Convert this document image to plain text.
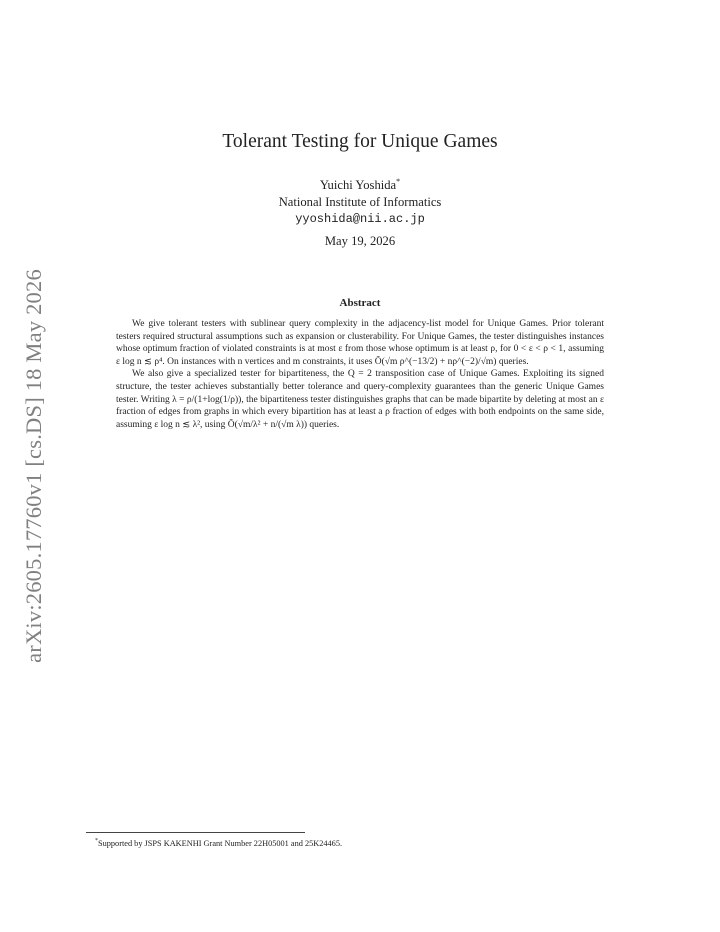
arXiv:2605.17760v1 [cs.DS] 18 May 2026
Tolerant Testing for Unique Games
Yuichi Yoshida*
National Institute of Informatics
yyoshida@nii.ac.jp
May 19, 2026
Abstract

We give tolerant testers with sublinear query complexity in the adjacency-list model for Unique Games. Prior tolerant testers required structural assumptions such as expansion or clusterability. For Unique Games, the tester distinguishes instances whose optimum fraction of violated constraints is at most ε from those whose optimum is at least ρ, for 0 < ε < ρ < 1, assuming ε log n ≲ ρ⁴. On instances with n vertices and m constraints, it uses Õ(√m ρ^(−13/2) + nρ^(−2)/√m) queries.

We also give a specialized tester for bipartiteness, the Q = 2 transposition case of Unique Games. Exploiting its signed structure, the tester achieves substantially better tolerance and query-complexity guarantees than the generic Unique Games tester. Writing λ = ρ/(1+log(1/ρ)), the bipartiteness tester distinguishes graphs that can be made bipartite by deleting at most an ε fraction of edges from graphs in which every bipartition has at least a ρ fraction of edges with both endpoints on the same side, assuming ε log n ≲ λ², using Õ(√m/λ² + n/(√m λ)) queries.

*Supported by JSPS KAKENHI Grant Number 22H05001 and 25K24465.
